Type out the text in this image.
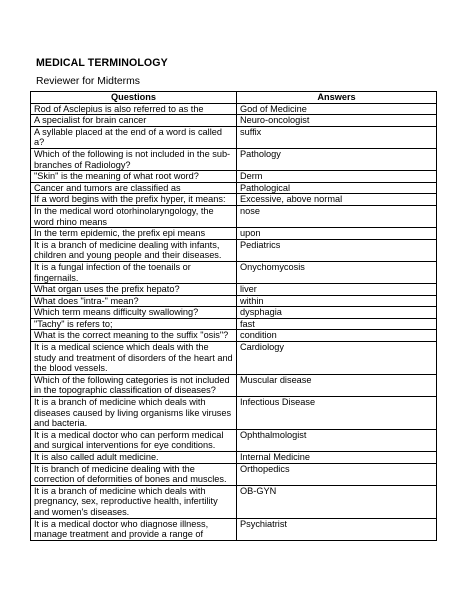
MEDICAL TERMINOLOGY
Reviewer for Midterms
Questions	Answers
Rod of Asclepius is also referred to as the	God of Medicine
A specialist for brain cancer	Neuro-oncologist
A syllable placed at the end of a word is called a?	suffix
Which of the following is not included in the sub-branches of Radiology?	Pathology
"Skin" is the meaning of what root word?	Derm
Cancer and tumors are classified as	Pathological
If a word begins with the prefix hyper, it means:	Excessive, above normal
In the medical word otorhinolaryngology, the word rhino means	nose
In the term epidemic, the prefix epi means	upon
It is a branch of medicine dealing with infants, children and young people and their diseases.	Pediatrics
It is a fungal infection of the toenails or fingernails.	Onychomycosis
What organ uses the prefix hepato?	liver
What does "intra-" mean?	within
Which term means difficulty swallowing?	dysphagia
"Tachy" is refers to;	fast
What is the correct meaning to the suffix "osis"?	condition
It is a medical science which deals with the study and treatment of disorders of the heart and the blood vessels.	Cardiology
Which of the following categories is not included in the topographic classification of diseases?	Muscular disease
It is a branch of medicine which deals with diseases caused by living organisms like viruses and bacteria.	Infectious Disease
It is a medical doctor who can perform medical and surgical interventions for eye conditions.	Ophthalmologist
It is also called adult medicine.	Internal Medicine
It is branch of medicine dealing with the correction of deformities of bones and muscles.	Orthopedics
It is a branch of medicine which deals with pregnancy, sex, reproductive health, infertility and women's diseases.	OB-GYN
It is a medical doctor who diagnose illness, manage treatment and provide a range of	Psychiatrist
